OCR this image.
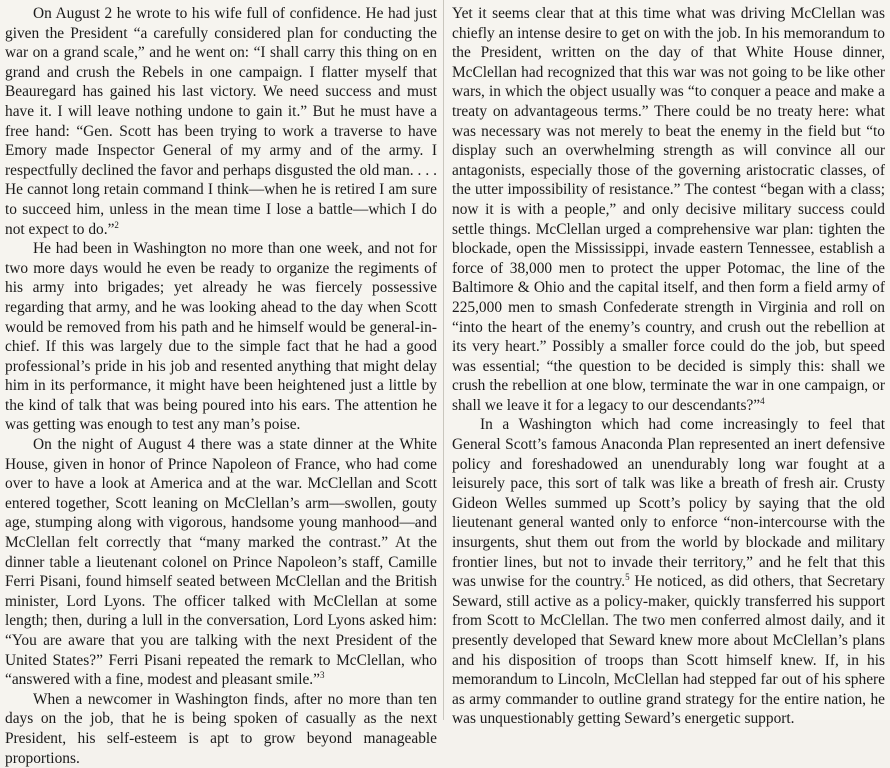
On August 2 he wrote to his wife full of confidence. He had just given the President “a carefully considered plan for conducting the war on a grand scale,” and he went on: “I shall carry this thing on en grand and crush the Rebels in one campaign. I flatter myself that Beauregard has gained his last victory. We need success and must have it. I will leave nothing undone to gain it.” But he must have a free hand: “Gen. Scott has been trying to work a traverse to have Emory made Inspector General of my army and of the army. I respectfully declined the favor and perhaps disgusted the old man. . . . He cannot long retain command I think—when he is retired I am sure to succeed him, unless in the mean time I lose a battle—which I do not expect to do.”$^2$

He had been in Washington no more than one week, and not for two more days would he even be ready to organize the regiments of his army into brigades; yet already he was fiercely possessive regarding that army, and he was looking ahead to the day when Scott would be removed from his path and he himself would be general-in-chief. If this was largely due to the simple fact that he had a good professional’s pride in his job and resented anything that might delay him in its performance, it might have been heightened just a little by the kind of talk that was being poured into his ears. The attention he was getting was enough to test any man’s poise.

On the night of August 4 there was a state dinner at the White House, given in honor of Prince Napoleon of France, who had come over to have a look at America and at the war. McClellan and Scott entered together, Scott leaning on McClellan’s arm—swollen, gouty age, stumping along with vigorous, handsome young manhood—and McClellan felt correctly that “many marked the contrast.” At the dinner table a lieutenant colonel on Prince Napoleon’s staff, Camille Ferri Pisani, found himself seated between McClellan and the British minister, Lord Lyons. The officer talked with McClellan at some length; then, during a lull in the conversation, Lord Lyons asked him: “You are aware that you are talking with the next President of the United States?” Ferri Pisani repeated the remark to McClellan, who “answered with a fine, modest and pleasant smile.”$^3$

When a newcomer in Washington finds, after no more than ten days on the job, that he is being spoken of casually as the next President, his self-esteem is apt to grow beyond manageable proportions.

Yet it seems clear that at this time what was driving McClellan was chiefly an intense desire to get on with the job. In his memorandum to the President, written on the day of that White House dinner, McClellan had recognized that this war was not going to be like other wars, in which the object usually was “to conquer a peace and make a treaty on advantageous terms.” There could be no treaty here: what was necessary was not merely to beat the enemy in the field but “to display such an overwhelming strength as will convince all our antagonists, especially those of the governing aristocratic classes, of the utter impossibility of resistance.” The contest “began with a class; now it is with a people,” and only decisive military success could settle things. McClellan urged a comprehensive war plan: tighten the blockade, open the Mississippi, invade eastern Tennessee, establish a force of 38,000 men to protect the upper Potomac, the line of the Baltimore & Ohio and the capital itself, and then form a field army of 225,000 men to smash Confederate strength in Virginia and roll on “into the heart of the enemy’s country, and crush out the rebellion at its very heart.” Possibly a smaller force could do the job, but speed was essential; “the question to be decided is simply this: shall we crush the rebellion at one blow, terminate the war in one campaign, or shall we leave it for a legacy to our descendants?”$^4$

In a Washington which had come increasingly to feel that General Scott’s famous Anaconda Plan represented an inert defensive policy and foreshadowed an unendurably long war fought at a leisurely pace, this sort of talk was like a breath of fresh air. Crusty Gideon Welles summed up Scott’s policy by saying that the old lieutenant general wanted only to enforce “non-intercourse with the insurgents, shut them out from the world by blockade and military frontier lines, but not to invade their territory,” and he felt that this was unwise for the country.$^5$ He noticed, as did others, that Secretary Seward, still active as a policy-maker, quickly transferred his support from Scott to McClellan. The two men conferred almost daily, and it presently developed that Seward knew more about McClellan’s plans and his disposition of troops than Scott himself knew. If, in his memorandum to Lincoln, McClellan had stepped far out of his sphere as army commander to outline grand strategy for the entire nation, he was unquestionably getting Seward’s energetic support.
